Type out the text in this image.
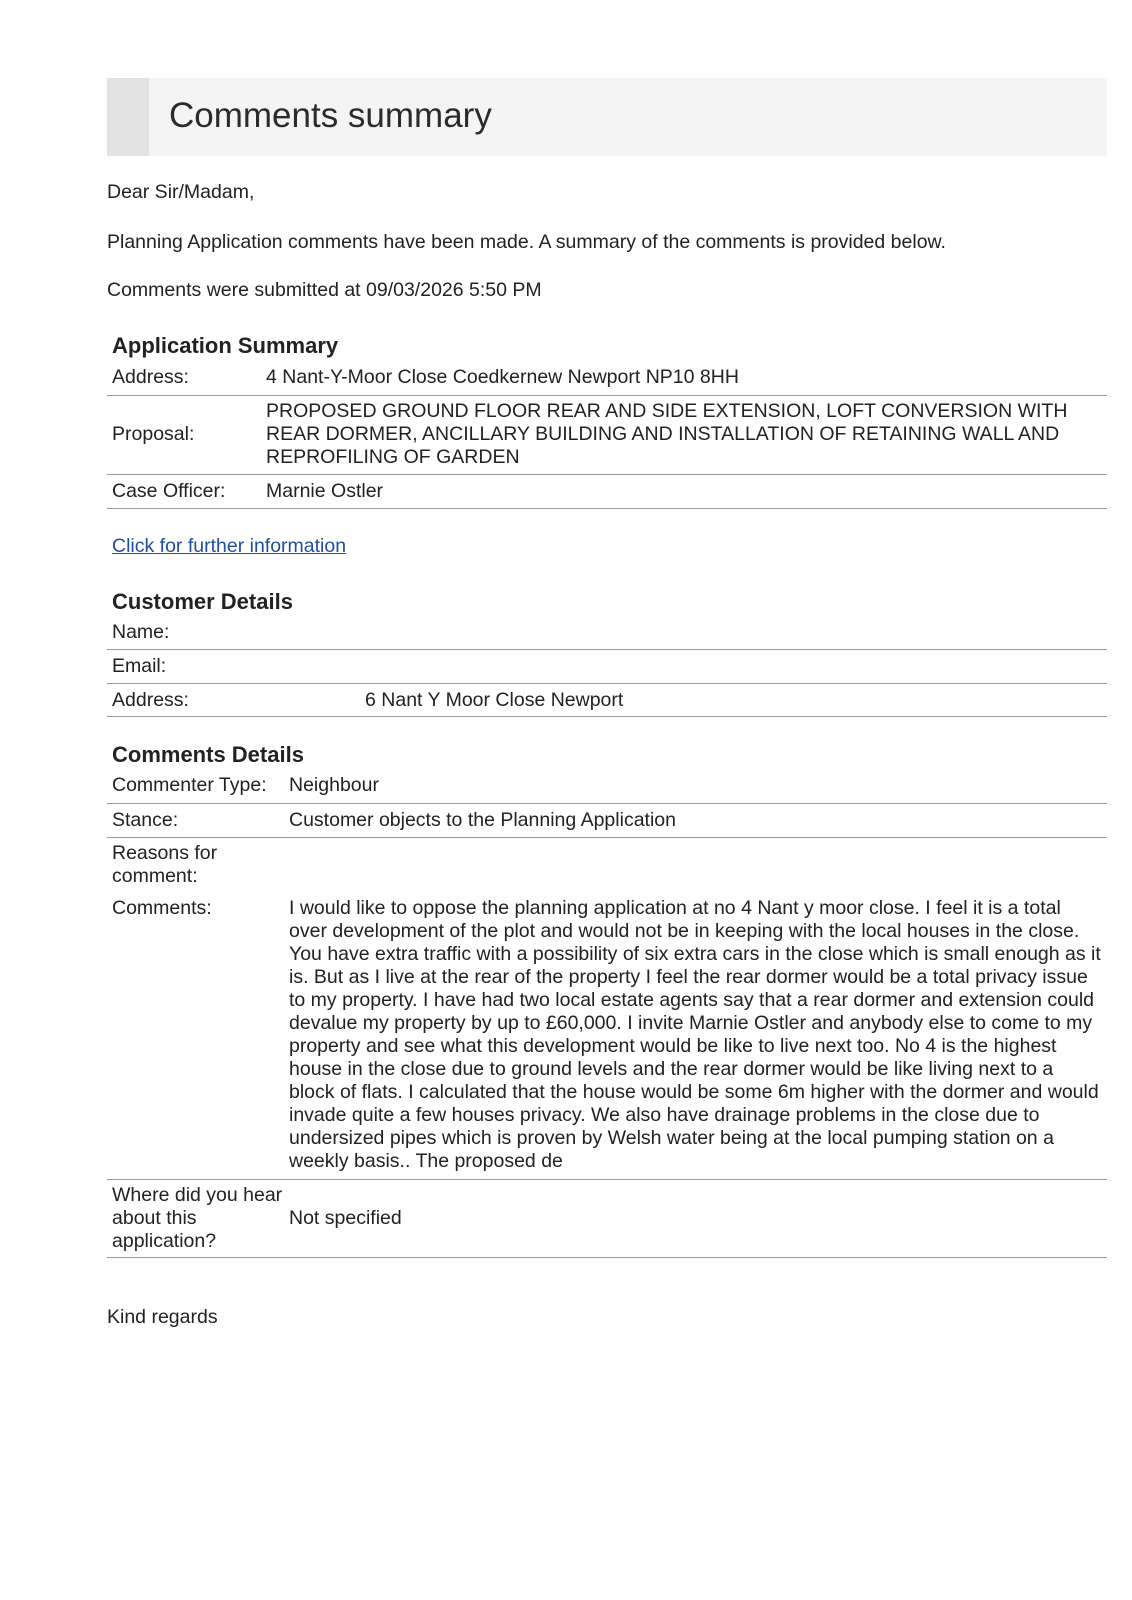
Comments summary

Dear Sir/Madam,

Planning Application comments have been made. A summary of the comments is provided below.

Comments were submitted at 09/03/2026 5:50 PM

Application Summary
Address:	4 Nant-Y-Moor Close Coedkernew Newport NP10 8HH
Proposal:	PROPOSED GROUND FLOOR REAR AND SIDE EXTENSION, LOFT CONVERSION WITH REAR DORMER, ANCILLARY BUILDING AND INSTALLATION OF RETAINING WALL AND REPROFILING OF GARDEN
Case Officer:	Marnie Ostler
Click for further information
Customer Details
Name:	
Email:	
Address:	6 Nant Y Moor Close Newport
Comments Details
Commenter Type:	Neighbour
Stance:	Customer objects to the Planning Application
Reasons for comment:	
Comments:	I would like to oppose the planning application at no 4 Nant y moor close. I feel it is a total over development of the plot and would not be in keeping with the local houses in the close. You have extra traffic with a possibility of six extra cars in the close which is small enough as it is. But as I live at the rear of the property I feel the rear dormer would be a total privacy issue to my property. I have had two local estate agents say that a rear dormer and extension could devalue my property by up to £60,000. I invite Marnie Ostler and anybody else to come to my property and see what this development would be like to live next too. No 4 is the highest house in the close due to ground levels and the rear dormer would be like living next to a block of flats. I calculated that the house would be some 6m higher with the dormer and would invade quite a few houses privacy. We also have drainage problems in the close due to undersized pipes which is proven by Welsh water being at the local pumping station on a weekly basis.. The proposed de
Where did you hear about this application?	Not specified

Kind regards
